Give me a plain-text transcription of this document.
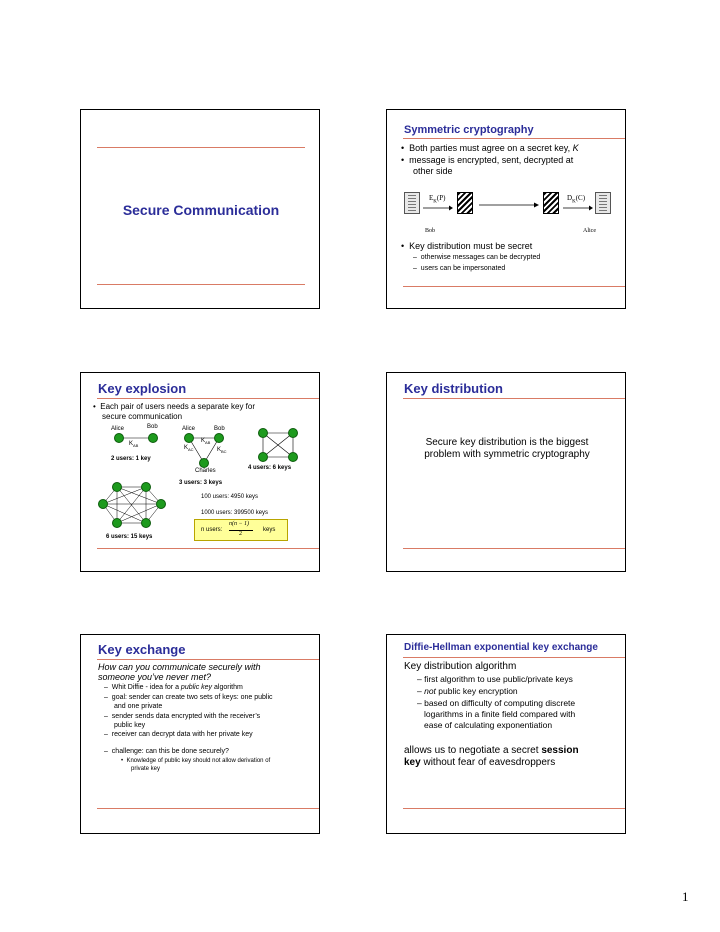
Secure Communication
Symmetric cryptography
•  Both parties must agree on a secret key, K
•  message is encrypted, sent, decrypted at
other side
$E_K(P)$	$D_K(C)$
Bob	Alice
•  Key distribution must be secret
–  otherwise messages can be decrypted
–  users can be impersonated
Key explosion
•  Each pair of users needs a separate key for
secure communication
Alice	Bob
$K_{AB}$
2 users: 1 key
Alice	Bob
$K_{AB}$
$K_{AC}$	$K_{BC}$
Charles
3 users: 3 keys
4 users: 6 keys
6 users: 15 keys
100 users: 4950 keys
1000 users: 399500 keys
n users:
n(n − 1)
2
keys
Key distribution
Secure key distribution is the biggest
problem with symmetric cryptography
Key exchange
How can you communicate securely with
someone you’ve never met?
–  Whit Diffie - idea for a public key algorithm
–  goal: sender can create two sets of keys: one public
and one private
–  sender sends data encrypted with the receiver’s
public key
–  receiver can decrypt data with her private key
–  challenge: can this be done securely?
•  Knowledge of public key should not allow derivation of
private key
Diffie-Hellman exponential key exchange
Key distribution algorithm
– first algorithm to use public/private keys
– not public key encryption
– based on difficulty of computing discrete
logarithms in a finite field compared with
ease of calculating exponentiation
allows us to negotiate a secret session
key without fear of eavesdroppers
1
